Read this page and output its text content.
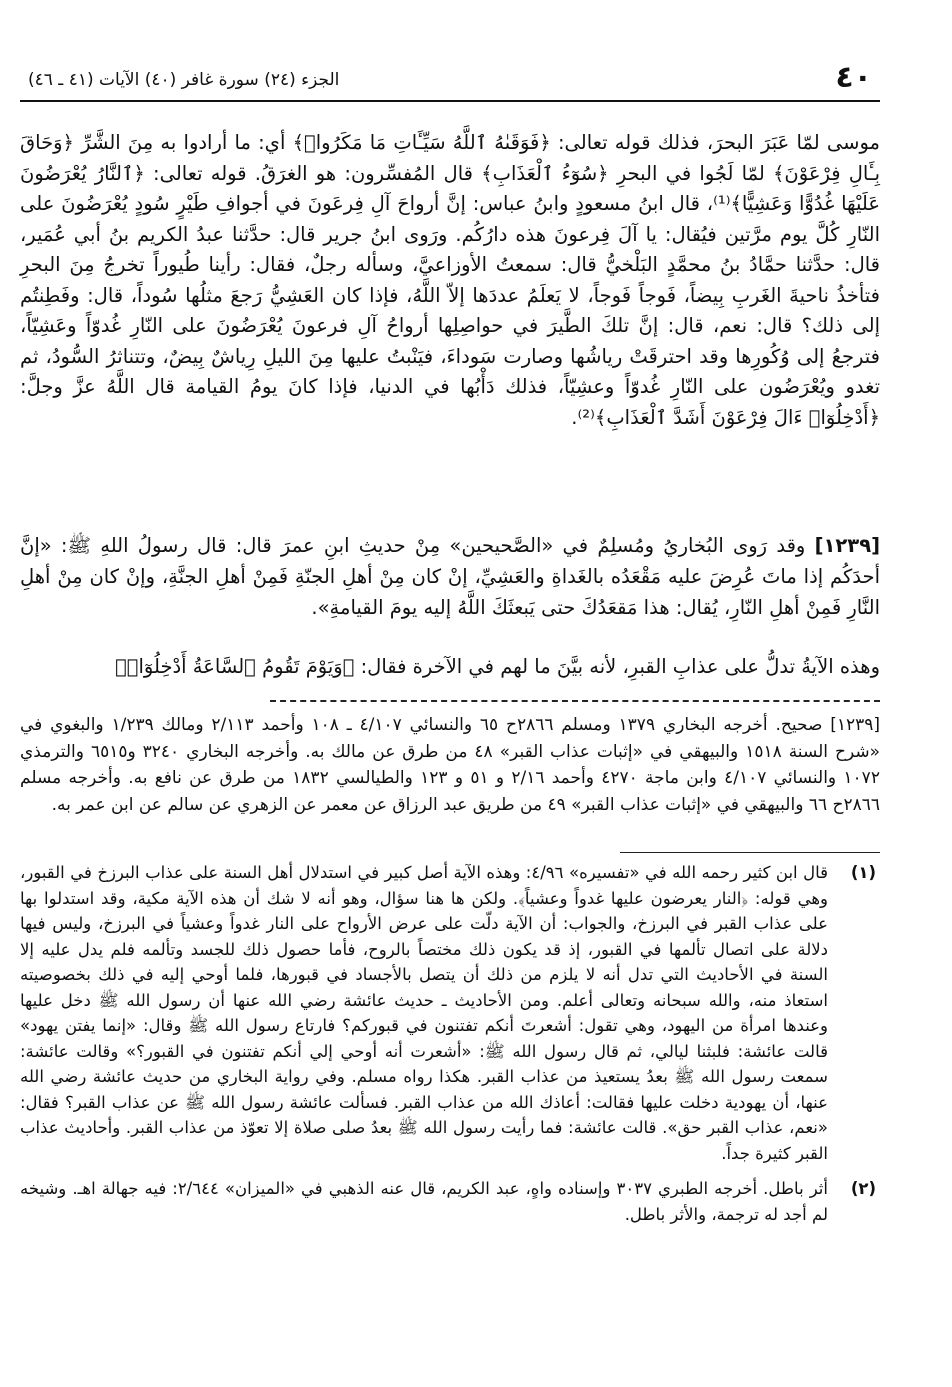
٤٠
الجزء (٢٤) سورة غافر (٤٠) الآيات (٤١ ـ ٤٦)

موسى لمّا عَبَرَ البحرَ، فذلك قوله تعالى: ﴿فَوَقَىٰهُ ٱللَّهُ سَيِّـَٔاتِ مَا مَكَرُوا۟﴾ أي: ما أرادوا به مِنَ الشَّرِّ ﴿وَحَاقَ بِـَٔالِ فِرْعَوْنَ﴾ لمّا لَجُوا في البحرِ ﴿سُوٓءُ ٱلْعَذَابِ﴾ قال المُفسِّرون: هو الغرَقُ. قوله تعالى: ﴿ٱلنَّارُ يُعْرَضُونَ عَلَيْهَا غُدُوًّا وَعَشِيًّا﴾⁽¹⁾، قال ابنُ مسعودٍ وابنُ عباس: إنَّ أرواحَ آلِ فِرعَونَ في أجوافِ طَيْرٍ سُودٍ يُعْرَضُونَ على النّارِ كُلَّ يوم مرَّتين فيُقال: يا آلَ فِرعونَ هذه دارُكُم. ورَوى ابنُ جرير قال: حدَّثنا عبدُ الكريم بنُ أبي عُمَير، قال: حدَّثنا حمَّادُ بنُ محمَّدٍ البَلْخيُّ قال: سمعتُ الأوزاعيَّ، وسأله رجلٌ، فقال: رأينا طُيوراً تخرجُ مِنَ البحرِ فتأخذُ ناحيةَ الغَربِ بِيضاً، فَوجاً فَوجاً، لا يَعلَمُ عددَها إلاّ اللَّهُ، فإذا كان العَشِيُّ رَجعَ مثلُها سُوداً، قال: وفَطِنتُم إلى ذلك؟ قال: نعم، قال: إنَّ تلكَ الطَّيرَ في حواصِلِها أرواحُ آلِ فرعونَ يُعْرَضُونَ على النّارِ غُدوّاً وعَشِيّاً، فترجعُ إلى وُكُورِها وقد احترقَتْ رياشُها وصارت سَوداءَ، فيَنْبتُ عليها مِنَ الليلِ رِياشٌ بِيضٌ، وتتناثرُ السُّودُ، ثم تغدو ويُعْرَضُون على النّارِ غُدوّاً وعشِيّاً، فذلك دَأْبُها في الدنيا، فإذا كانَ يومُ القيامة قال اللَّهُ عزَّ وجلَّ: ﴿أَدْخِلُوٓا۟ ءَالَ فِرْعَوْنَ أَشَدَّ ٱلْعَذَابِ﴾⁽²⁾.

[١٢٣٩] وقد رَوى البُخاريُ ومُسلِمٌ في «الصَّحيحين» مِنْ حديثِ ابنِ عمرَ قال: قال رسولُ اللهِ ﷺ: «إنَّ أحدَكُم إذا ماتَ عُرِضَ عليه مَقْعَدُه بالغَداةِ والعَشِيِّ، إنْ كان مِنْ أهلِ الجنّةِ فَمِنْ أهلِ الجنَّةِ، وإنْ كان مِنْ أهلِ النَّارِ فَمِنْ أهلِ النّارِ، يُقال: هذا مَقعَدُكَ حتى يَبعثَكَ اللَّهُ إليه يومَ القيامةِ».

وهذه الآيةُ تدلُّ على عذابِ القبرِ، لأنه بيَّنَ ما لهم في الآخرة فقال: ﴿وَيَوْمَ تَقُومُ ٱلسَّاعَةُ أَدْخِلُوٓا۟﴾

[١٢٣٩] صحيح. أخرجه البخاري ١٣٧٩ ومسلم ٢٨٦٦ح ٦٥ والنسائي ٤/١٠٧ ـ ١٠٨ وأحمد ٢/١١٣ ومالك ١/٢٣٩ والبغوي في «شرح السنة ١٥١٨ والبيهقي في «إثبات عذاب القبر» ٤٨ من طرق عن مالك به. وأخرجه البخاري ٣٢٤٠ و٦٥١٥ والترمذي ١٠٧٢ والنسائي ٤/١٠٧ وابن ماجة ٤٢٧٠ وأحمد ٢/١٦ و ٥١ و ١٢٣ والطيالسي ١٨٣٢ من طرق عن نافع به. وأخرجه مسلم ٢٨٦٦ح ٦٦ والبيهقي في «إثبات عذاب القبر» ٤٩ من طريق عبد الرزاق عن معمر عن الزهري عن سالم عن ابن عمر به.

(١)

قال ابن كثير رحمه الله في «تفسيره» ٤/٩٦: وهذه الآية أصل كبير في استدلال أهل السنة على عذاب البرزخ في القبور، وهي قوله: ﴿النار يعرضون عليها غدواً وعشياً﴾. ولكن ها هنا سؤال، وهو أنه لا شك أن هذه الآية مكية، وقد استدلوا بها على عذاب القبر في البرزخ، والجواب: أن الآية دلّت على عرض الأرواح على النار غدواً وعشياً في البرزخ، وليس فيها دلالة على اتصال تألمها في القبور، إذ قد يكون ذلك مختصاً بالروح، فأما حصول ذلك للجسد وتألمه فلم يدل عليه إلا السنة في الأحاديث التي تدل أنه لا يلزم من ذلك أن يتصل بالأجساد في قبورها، فلما أوحي إليه في ذلك بخصوصيته استعاذ منه، والله سبحانه وتعالى أعلم. ومن الأحاديث ـ حديث عائشة رضي الله عنها أن رسول الله ﷺ دخل عليها وعندها امرأة من اليهود، وهي تقول: أشعرتَ أنكم تفتنون في قبوركم؟ فارتاع رسول الله ﷺ وقال: «إنما يفتن يهود» قالت عائشة: فلبثنا ليالي، ثم قال رسول الله ﷺ: «أشعرت أنه أوحي إلي أنكم تفتنون في القبور؟» وقالت عائشة: سمعت رسول الله ﷺ بعدُ يستعيذ من عذاب القبر. هكذا رواه مسلم. وفي رواية البخاري من حديث عائشة رضي الله عنها، أن يهودية دخلت عليها فقالت: أعاذك الله من عذاب القبر. فسألت عائشة رسول الله ﷺ عن عذاب القبر؟ فقال: «نعم، عذاب القبر حق». قالت عائشة: فما رأيت رسول الله ﷺ بعدُ صلى صلاة إلا تعوّذ من عذاب القبر. وأحاديث عذاب القبر كثيرة جداً.

(٢)

أثر باطل. أخرجه الطبري ٣٠٣٧ وإسناده واهٍ، عبد الكريم، قال عنه الذهبي في «الميزان» ٢/٦٤٤: فيه جهالة اهـ. وشيخه لم أجد له ترجمة، والأثر باطل.
